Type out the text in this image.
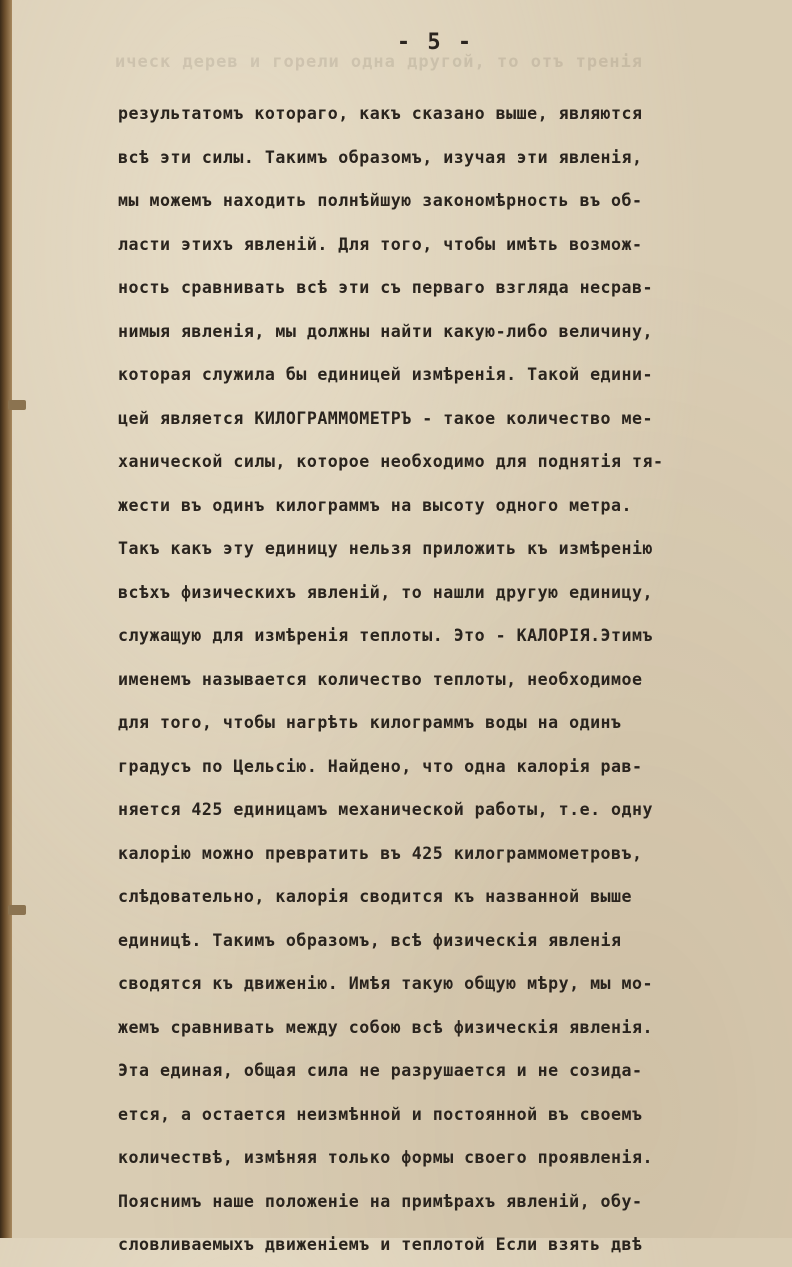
ическ дерев и горели одна другой, то отъ тренія
- 5 -
результатомъ котораго, какъ сказано выше, являются
всѣ эти силы. Такимъ образомъ, изучая эти явленія,
мы можемъ находить полнѣйшую закономѣрность въ об-
ласти этихъ явленій. Для того, чтобы имѣть возмож-
ность сравнивать всѣ эти съ перваго взгляда несрав-
нимыя явленія, мы должны найти какую-либо величину,
которая служила бы единицей измѣренія. Такой едини-
цей является КИЛОГРАММОМЕТРЪ - такое количество ме-
ханической силы, которое необходимо для поднятія тя-
жести въ одинъ килограммъ на высоту одного метра.
Такъ какъ эту единицу нельзя приложить къ измѣренію
всѣхъ физическихъ явленій, то нашли другую единицу,
служащую для измѣренія теплоты. Это - КАЛОРІЯ.Этимъ
именемъ называется количество теплоты, необходимое
для того, чтобы нагрѣть килограммъ воды на одинъ
градусъ по Цельсію. Найдено, что одна калорія рав-
няется 425 единицамъ механической работы, т.е. одну
калорію можно превратить въ 425 килограммометровъ,
слѣдовательно, калорія сводится къ названной выше
единицѣ. Такимъ образомъ, всѣ физическія явленія
сводятся къ движенію. Имѣя такую общую мѣру, мы мо-
жемъ сравнивать между собою всѣ физическія явленія.
Эта единая, общая сила не разрушается и не созида-
ется, а остается неизмѣнной и постоянной въ своемъ
количествѣ, измѣняя только формы своего проявленія.
Пояснимъ наше положеніе на примѣрахъ явленій, обу-
словливаемыхъ движеніемъ и теплотой Если взять двѣ
